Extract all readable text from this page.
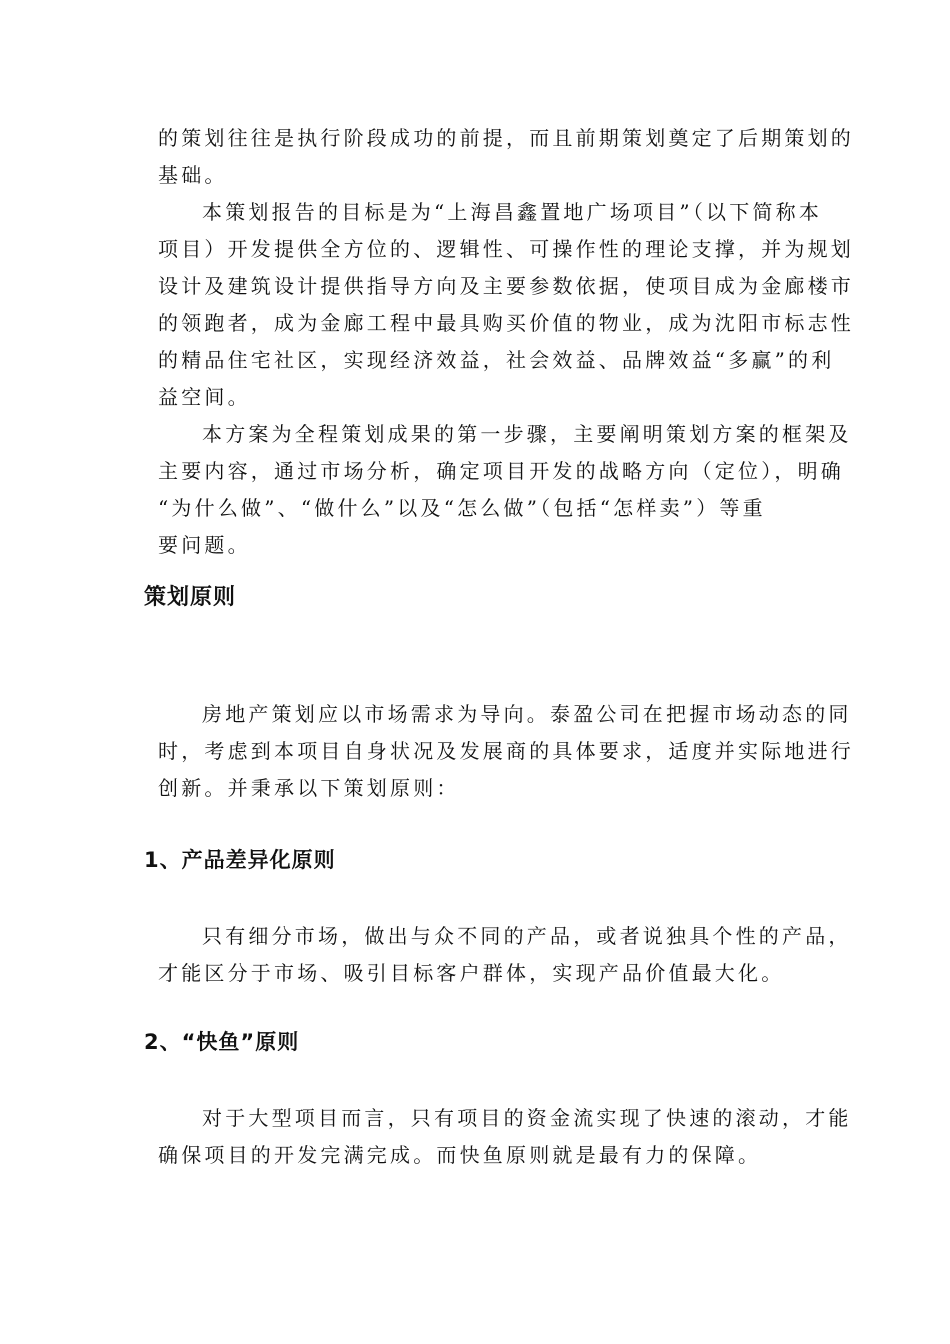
的策划往往是执行阶段成功的前提，而且前期策划奠定了后期策划的
基础。

本策划报告的目标是为“上海昌鑫置地广场项目”（以下简称本
项目）开发提供全方位的、逻辑性、可操作性的理论支撑，并为规划
设计及建筑设计提供指导方向及主要参数依据，使项目成为金廊楼市
的领跑者，成为金廊工程中最具购买价值的物业，成为沈阳市标志性
的精品住宅社区，实现经济效益，社会效益、品牌效益“多赢”的利
益空间。

本方案为全程策划成果的第一步骤，主要阐明策划方案的框架及
主要内容，通过市场分析，确定项目开发的战略方向（定位），明确
“为什么做”、“做什么”以及“怎么做”（包括“怎样卖”）等重
要问题。

策划原则

房地产策划应以市场需求为导向。泰盈公司在把握市场动态的同
时，考虑到本项目自身状况及发展商的具体要求，适度并实际地进行
创新。并秉承以下策划原则：

1、产品差异化原则

只有细分市场，做出与众不同的产品，或者说独具个性的产品，
才能区分于市场、吸引目标客户群体，实现产品价值最大化。

2、“快鱼”原则

对于大型项目而言，只有项目的资金流实现了快速的滚动，才能
确保项目的开发完满完成。而快鱼原则就是最有力的保障。
